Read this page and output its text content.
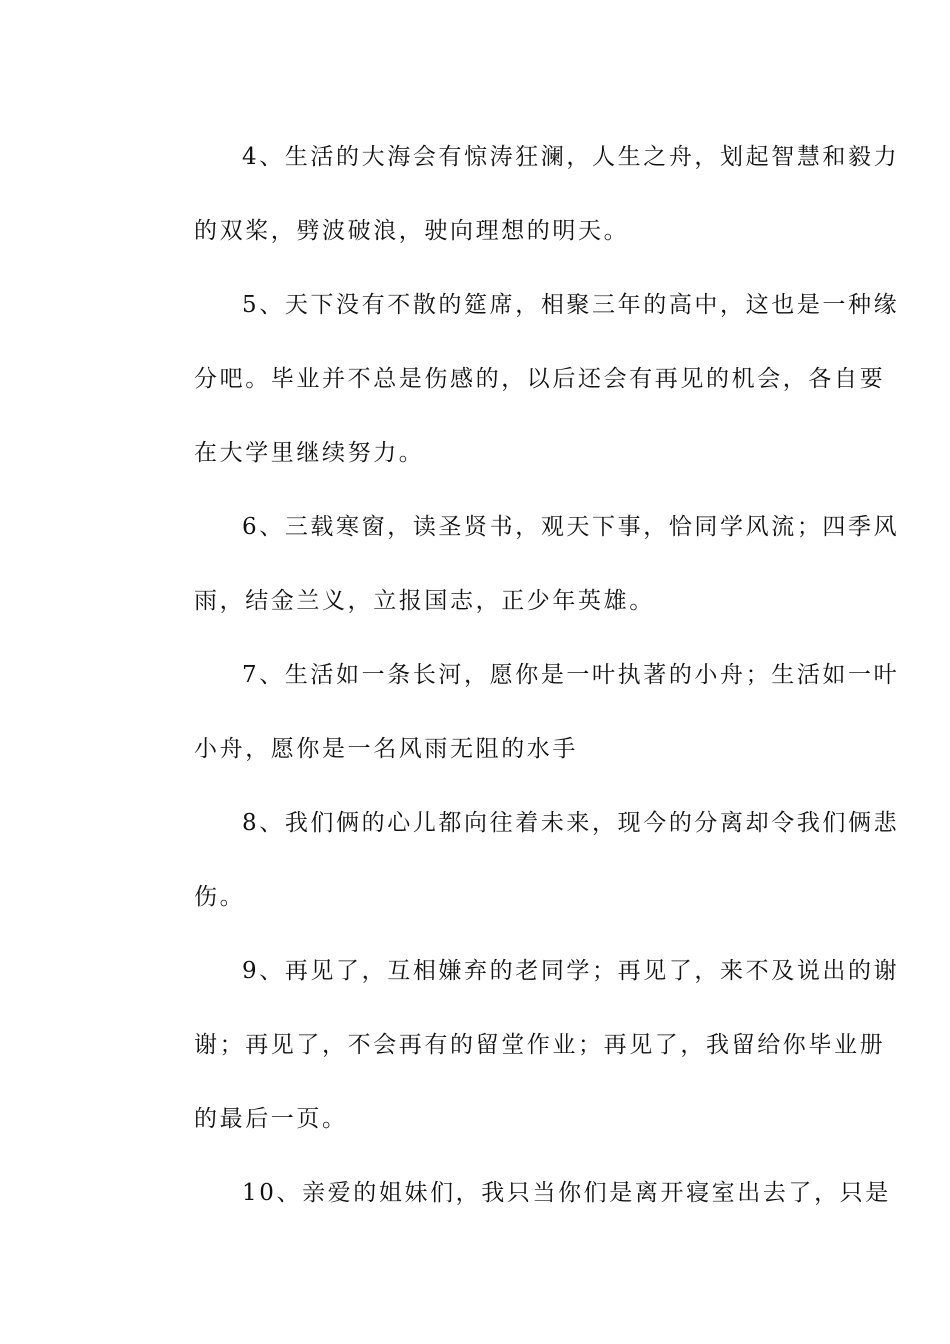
4、生活的大海会有惊涛狂澜，人生之舟，划起智慧和毅力
的双桨，劈波破浪，驶向理想的明天。
5、天下没有不散的筵席，相聚三年的高中，这也是一种缘
分吧。毕业并不总是伤感的，以后还会有再见的机会，各自要
在大学里继续努力。
6、三载寒窗，读圣贤书，观天下事，恰同学风流；四季风
雨，结金兰义，立报国志，正少年英雄。
7、生活如一条长河，愿你是一叶执著的小舟；生活如一叶
小舟，愿你是一名风雨无阻的水手
8、我们俩的心儿都向往着未来，现今的分离却令我们俩悲
伤。
9、再见了，互相嫌弃的老同学；再见了，来不及说出的谢
谢；再见了，不会再有的留堂作业；再见了，我留给你毕业册
的最后一页。
10、亲爱的姐妹们，我只当你们是离开寝室出去了，只是
